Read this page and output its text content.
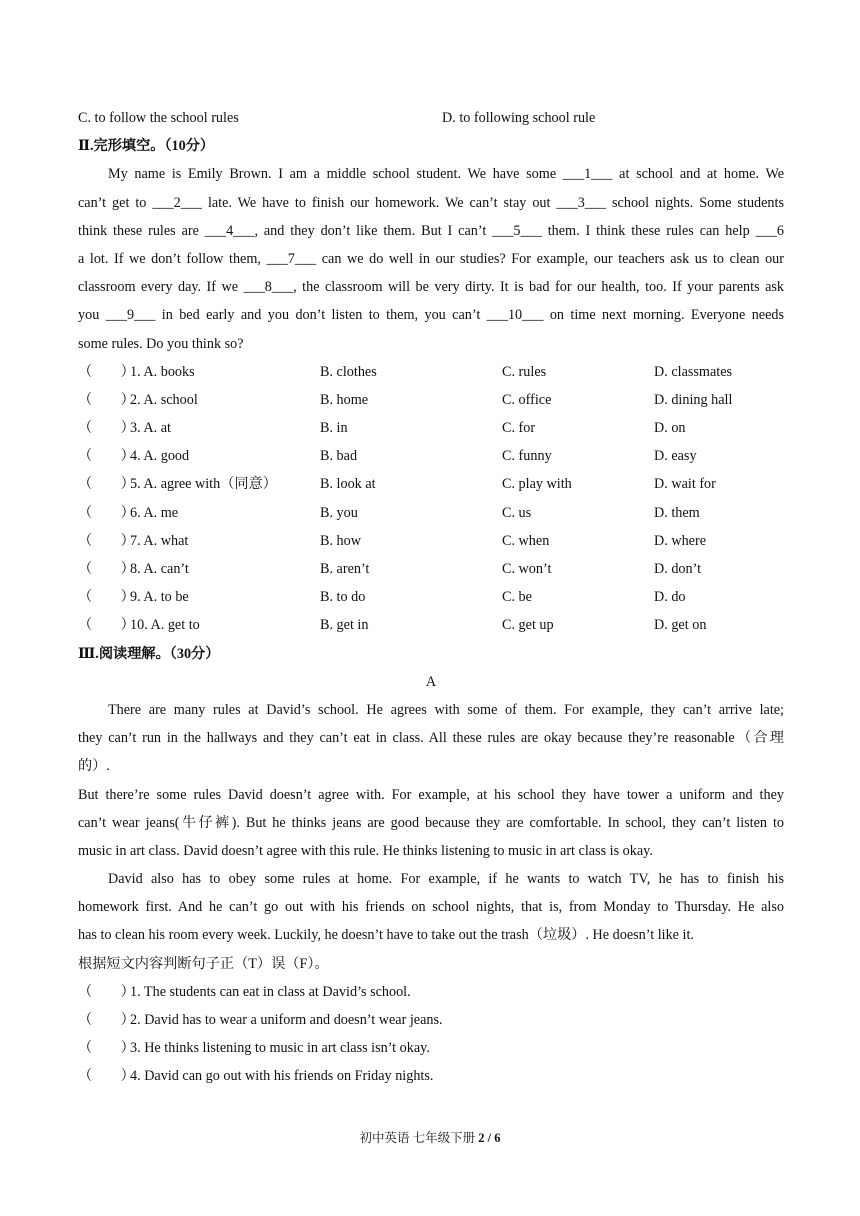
C. to follow the school rules	D. to following school rule
Ⅱ.完形填空。（10分）
My name is Emily Brown. I am a middle school student. We have some ___1___ at school and at home. We
can’t get to ___2___ late. We have to finish our homework. We can’t stay out ___3___ school nights. Some students
think these rules are ___4___, and they don’t like them. But I can’t ___5___ them. I think these rules can help ___6
a lot. If we don’t follow them, ___7___ can we do well in our studies? For example, our teachers ask us to clean our
classroom every day. If we ___8___, the classroom will be very dirty. It is bad for our health, too. If your parents ask
you ___9___ in bed early and you don’t listen to them, you can’t ___10___ on time next morning. Everyone needs
some rules. Do you think so?
（　　）1. A. books	B. clothes	C. rules	D. classmates
（　　）2. A. school	B. home	C. office	D. dining hall
（　　）3. A. at	B. in	C. for	D. on
（　　）4. A. good	B. bad	C. funny	D. easy
（　　）5. A. agree with（同意）	B. look at	C. play with	D. wait for
（　　）6. A. me	B. you	C. us	D. them
（　　）7. A. what	B. how	C. when	D. where
（　　）8. A. can’t	B. aren’t	C. won’t	D. don’t
（　　）9. A. to be	B. to do	C. be	D. do
（　　）10. A. get to	B. get in	C. get up	D. get on
Ⅲ.阅读理解。（30分）
A
There are many rules at David’s school. He agrees with some of them. For example, they can’t arrive late;
they can’t run in the hallways and they can’t eat in class. All these rules are okay because they’re reasonable（合理
的）.
But there’re some rules David doesn’t agree with. For example, at his school they have tower a uniform and they
can’t wear jeans(牛仔裤). But he thinks jeans are good because they are comfortable. In school, they can’t listen to
music in art class. David doesn’t agree with this rule. He thinks listening to music in art class is okay.
David also has to obey some rules at home. For example, if he wants to watch TV, he has to finish his
homework first. And he can’t go out with his friends on school nights, that is, from Monday to Thursday. He also
has to clean his room every week. Luckily, he doesn’t have to take out the trash（垃圾）. He doesn’t like it.
根据短文内容判断句子正（T）误（F）。
（　　）1. The students can eat in class at David’s school.
（　　）2. David has to wear a uniform and doesn’t wear jeans.
（　　）3. He thinks listening to music in art class isn’t okay.
（　　）4. David can go out with his friends on Friday nights.
初中英语 七年级下册 2 / 6
